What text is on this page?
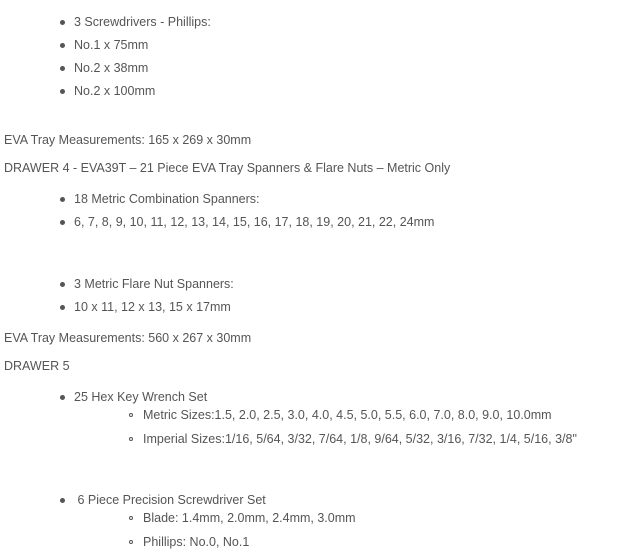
3 Screwdrivers - Phillips:
No.1 x 75mm
No.2 x 38mm
No.2 x 100mm
EVA Tray Measurements: 165 x 269 x 30mm
DRAWER 4 - EVA39T – 21 Piece EVA Tray Spanners & Flare Nuts – Metric Only
18 Metric Combination Spanners:
6, 7, 8, 9, 10, 11, 12, 13, 14, 15, 16, 17, 18, 19, 20, 21, 22, 24mm
3 Metric Flare Nut Spanners:
10 x 11, 12 x 13, 15 x 17mm
EVA Tray Measurements: 560 x 267 x 30mm
DRAWER 5
25 Hex Key Wrench Set
Metric Sizes:1.5, 2.0, 2.5, 3.0, 4.0, 4.5, 5.0, 5.5, 6.0, 7.0, 8.0, 9.0, 10.0mm
Imperial Sizes:1/16, 5/64, 3/32, 7/64, 1/8, 9/64, 5/32, 3/16, 7/32, 1/4, 5/16, 3/8"
6 Piece Precision Screwdriver Set
Blade: 1.4mm, 2.0mm, 2.4mm, 3.0mm
Phillips: No.0, No.1
